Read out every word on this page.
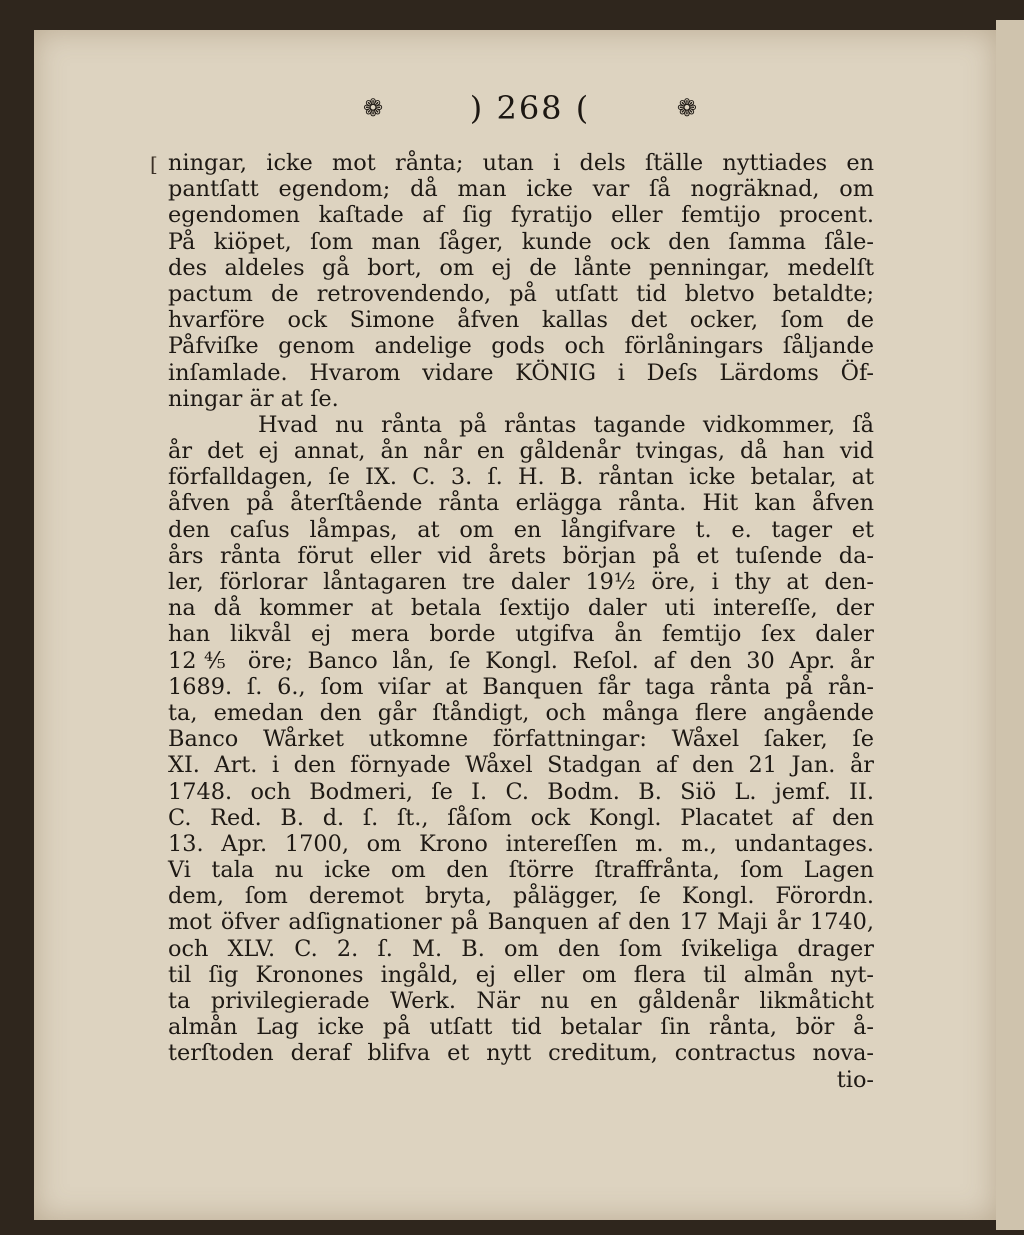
❁	) 268 (	❁
[ ningar, icke mot rånta; utan i dels ſtälle nyttiades en
pantſatt egendom; då man icke var ſå nogräknad, om
egendomen kaſtade af ſig fyratijo eller femtijo procent.
På kiöpet, ſom man ſåger, kunde ock den ſamma ſåle-
des aldeles gå bort, om ej de lånte penningar, medelſt
pactum de retrovendendo, på utſatt tid bletvo betaldte;
hvarföre ock Simone åfven kallas det ocker, ſom de
Påfviſke genom andelige gods och förlåningars ſåljande
inſamlade. Hvarom vidare KÖNIG i Deſs Lärdoms Öf-
ningar är at ſe.
Hvad nu rånta på råntas tagande vidkommer, ſå
år det ej annat, ån når en gåldenår tvingas, då han vid
förfalldagen, ſe IX. C. 3. ſ. H. B. råntan icke betalar, at
åfven på återſtående rånta erlägga rånta. Hit kan åfven
den caſus låmpas, at om en långifvare t. e. tager et
års rånta förut eller vid årets början på et tuſende da-
ler, förlorar låntagaren tre daler 19½ öre, i thy at den-
na då kommer at betala ſextijo daler uti intereſſe, der
han likvål ej mera borde utgifva ån femtijo ſex daler
12⅘ öre; Banco lån, ſe Kongl. Reſol. af den 30 Apr. år
1689. ſ. 6., ſom viſar at Banquen får taga rånta på rån-
ta, emedan den går ſtåndigt, och många flere angående
Banco Wårket utkomne författningar: Wåxel ſaker, ſe
XI. Art. i den förnyade Wåxel Stadgan af den 21 Jan. år
1748. och Bodmeri, ſe I. C. Bodm. B. Siö L. jemf. II.
C. Red. B. d. ſ. ſt., ſåſom ock Kongl. Placatet af den
13. Apr. 1700, om Krono intereſſen m. m., undantages.
Vi tala nu icke om den ſtörre ſtraffrånta, ſom Lagen
dem, ſom deremot bryta, pålägger, ſe Kongl. Förordn.
mot öfver adſignationer på Banquen af den 17 Maji år 1740,
och XLV. C. 2. ſ. M. B. om den ſom ſvikeliga drager
til ſig Kronones ingåld, ej eller om flera til almån nyt-
ta privilegierade Werk. När nu en gåldenår likmåticht
almån Lag icke på utſatt tid betalar ſin rånta, bör å-
terſtoden deraf blifva et nytt creditum, contractus nova-
tio-
